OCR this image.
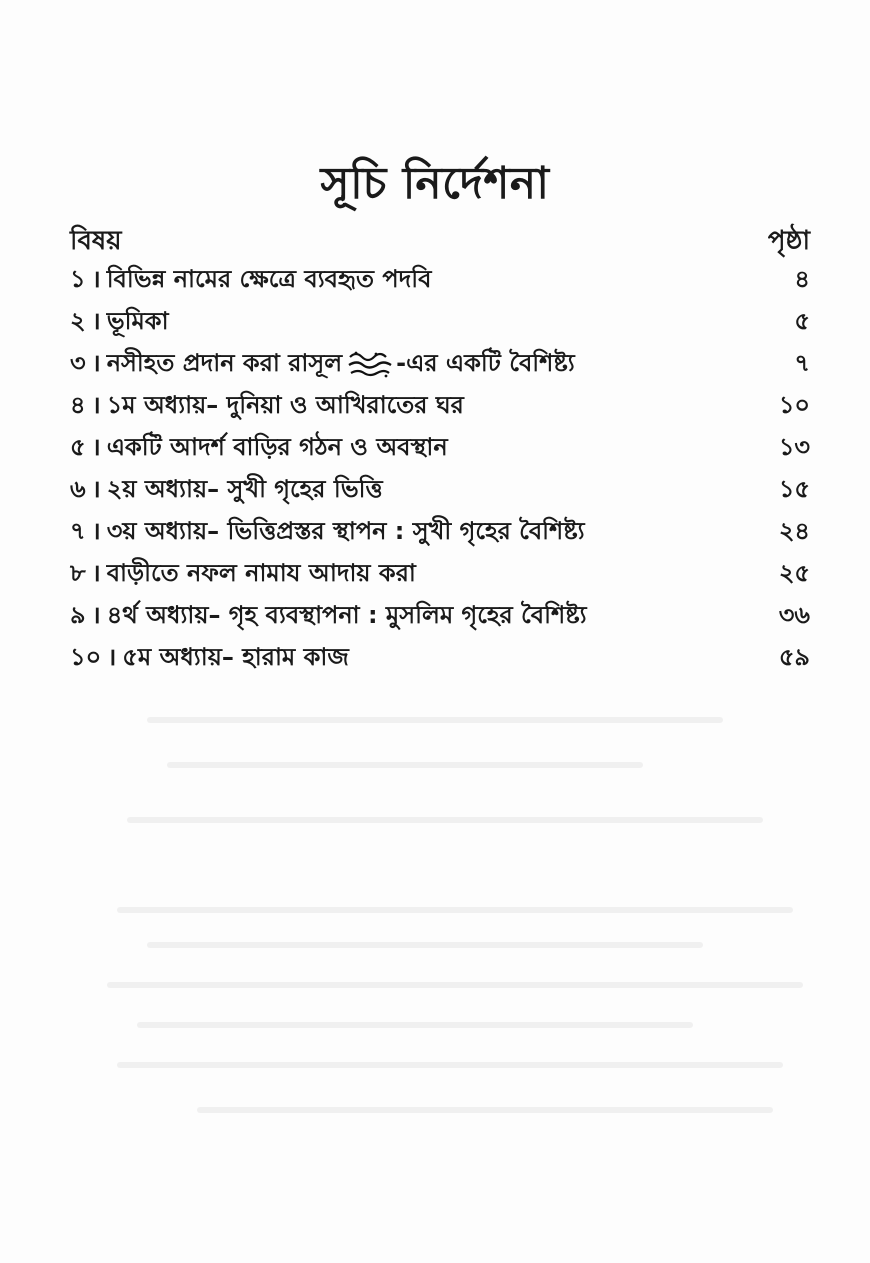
সূচি নির্দেশনা
বিষয়	পৃষ্ঠা
১ । বিভিন্ন নামের ক্ষেত্রে ব্যবহৃত পদবি	৪
২ । ভূমিকা	৫
৩ । নসীহত প্রদান করা রাসূল -এর একটি বৈশিষ্ট্য	৭
৪ । ১ম অধ্যায়– দুনিয়া ও আখিরাতের ঘর	১০
৫ । একটি আদর্শ বাড়ির গঠন ও অবস্থান	১৩
৬ । ২য় অধ্যায়– সুখী গৃহের ভিত্তি	১৫
৭ । ৩য় অধ্যায়– ভিত্তিপ্রস্তর স্থাপন : সুখী গৃহের বৈশিষ্ট্য	২৪
৮ । বাড়ীতে নফল নামায আদায় করা	২৫
৯ । ৪র্থ অধ্যায়– গৃহ ব্যবস্থাপনা : মুসলিম গৃহের বৈশিষ্ট্য	৩৬
১০ । ৫ম অধ্যায়– হারাম কাজ	৫৯
